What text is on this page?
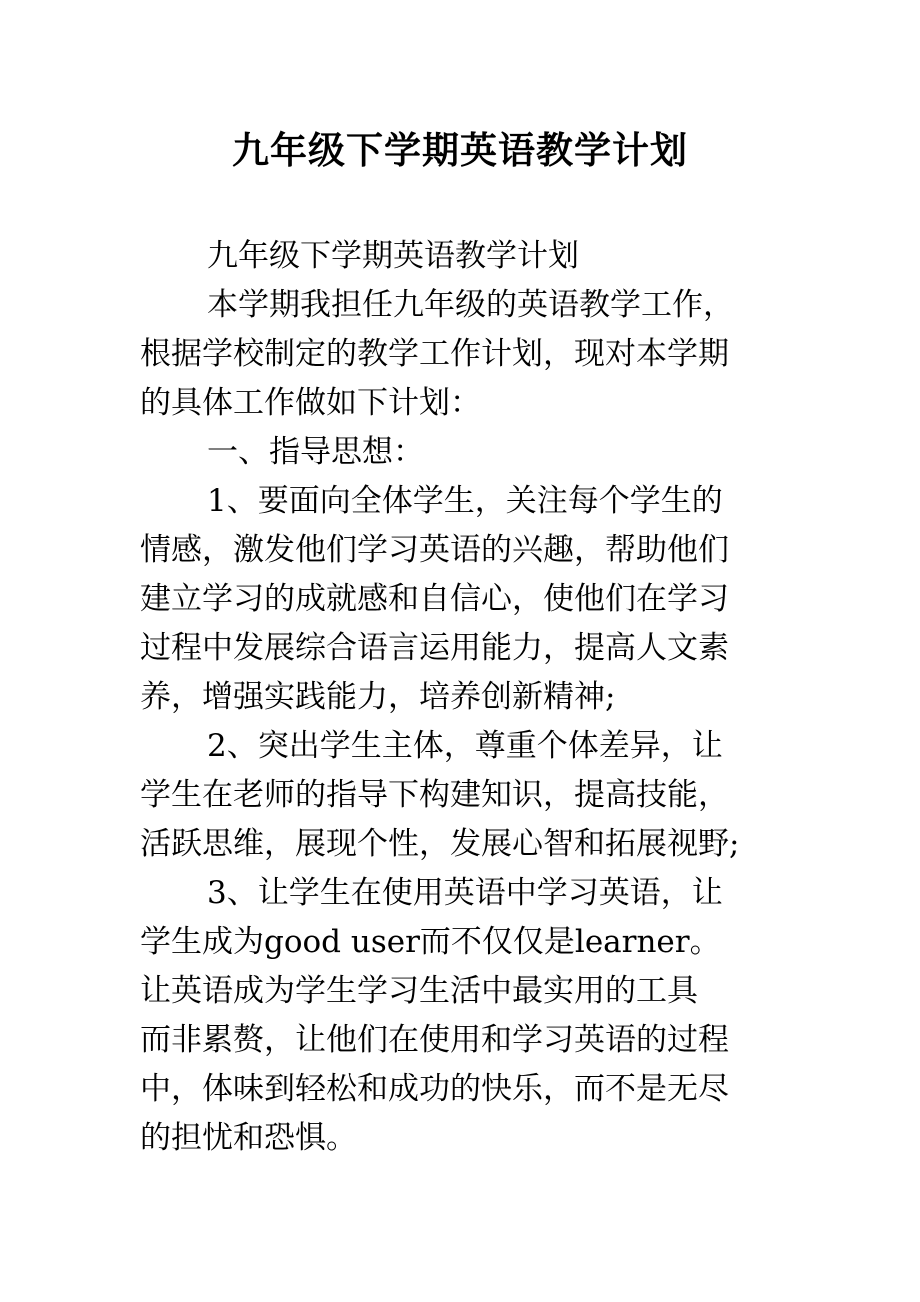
九年级下学期英语教学计划
九年级下学期英语教学计划
本学期我担任九年级的英语教学工作，
根据学校制定的教学工作计划，现对本学期
的具体工作做如下计划：
一、指导思想：
1、要面向全体学生，关注每个学生的
情感，激发他们学习英语的兴趣，帮助他们
建立学习的成就感和自信心，使他们在学习
过程中发展综合语言运用能力，提高人文素
养，增强实践能力，培养创新精神;
2、突出学生主体，尊重个体差异，让
学生在老师的指导下构建知识，提高技能，
活跃思维，展现个性，发展心智和拓展视野;
3、让学生在使用英语中学习英语，让
学生成为good user而不仅仅是learner。
让英语成为学生学习生活中最实用的工具
而非累赘，让他们在使用和学习英语的过程
中，体味到轻松和成功的快乐，而不是无尽
的担忧和恐惧。
